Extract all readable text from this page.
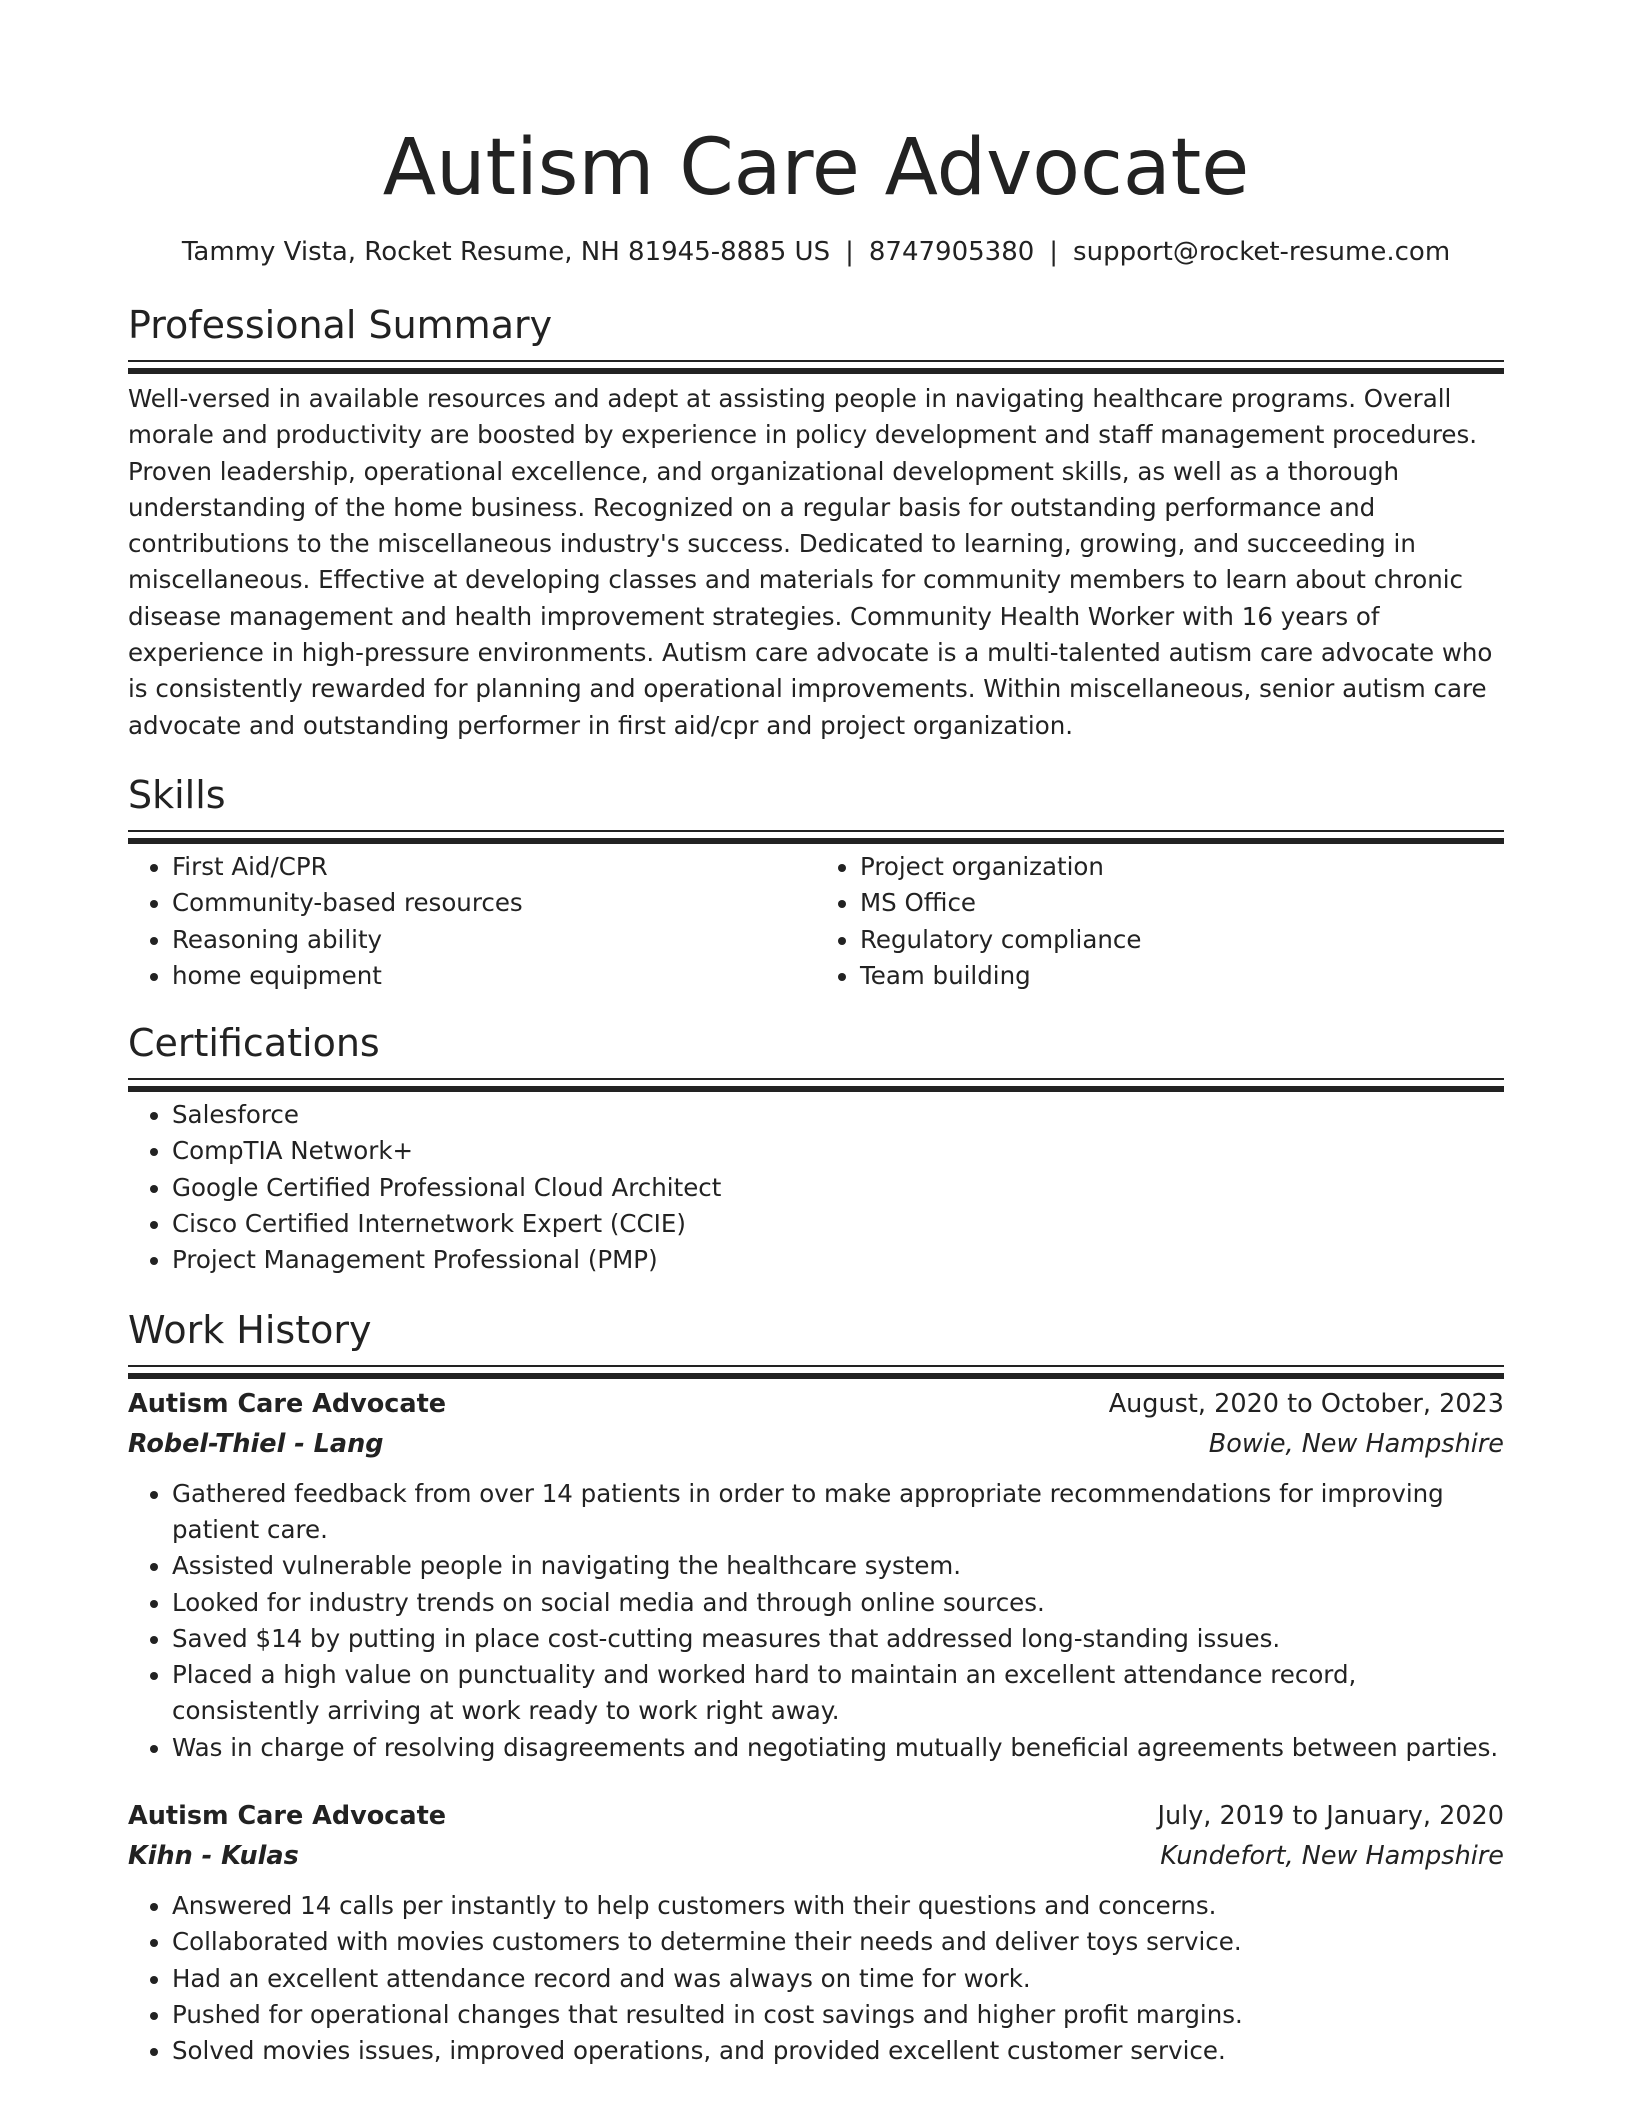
Autism Care Advocate
Tammy Vista, Rocket Resume, NH 81945-8885 US | 8747905380 | support@rocket-resume.com
Professional Summary

Well-versed in available resources and adept at assisting people in navigating healthcare programs. Overall morale and productivity are boosted by experience in policy development and staff management procedures. Proven leadership, operational excellence, and organizational development skills, as well as a thorough understanding of the home business. Recognized on a regular basis for outstanding performance and contributions to the miscellaneous industry's success. Dedicated to learning, growing, and succeeding in miscellaneous. Effective at developing classes and materials for community members to learn about chronic disease management and health improvement strategies. Community Health Worker with 16 years of experience in high-pressure environments. Autism care advocate is a multi-talented autism care advocate who is consistently rewarded for planning and operational improvements. Within miscellaneous, senior autism care advocate and outstanding performer in first aid/cpr and project organization.

Skills
• First Aid/CPR
• Community-based resources
• Reasoning ability
• home equipment
• Project organization
• MS Office
• Regulatory compliance
• Team building
Certifications
• Salesforce
• CompTIA Network+
• Google Certified Professional Cloud Architect
• Cisco Certified Internetwork Expert (CCIE)
• Project Management Professional (PMP)
Work History
Autism Care Advocate	August, 2020 to October, 2023
Robel-Thiel - Lang	Bowie, New Hampshire
• Gathered feedback from over 14 patients in order to make appropriate recommendations for improving patient care.
• Assisted vulnerable people in navigating the healthcare system.
• Looked for industry trends on social media and through online sources.
• Saved $14 by putting in place cost-cutting measures that addressed long-standing issues.
• Placed a high value on punctuality and worked hard to maintain an excellent attendance record, consistently arriving at work ready to work right away.
• Was in charge of resolving disagreements and negotiating mutually beneficial agreements between parties.
Autism Care Advocate	July, 2019 to January, 2020
Kihn - Kulas	Kundefort, New Hampshire
• Answered 14 calls per instantly to help customers with their questions and concerns.
• Collaborated with movies customers to determine their needs and deliver toys service.
• Had an excellent attendance record and was always on time for work.
• Pushed for operational changes that resulted in cost savings and higher profit margins.
• Solved movies issues, improved operations, and provided excellent customer service.
